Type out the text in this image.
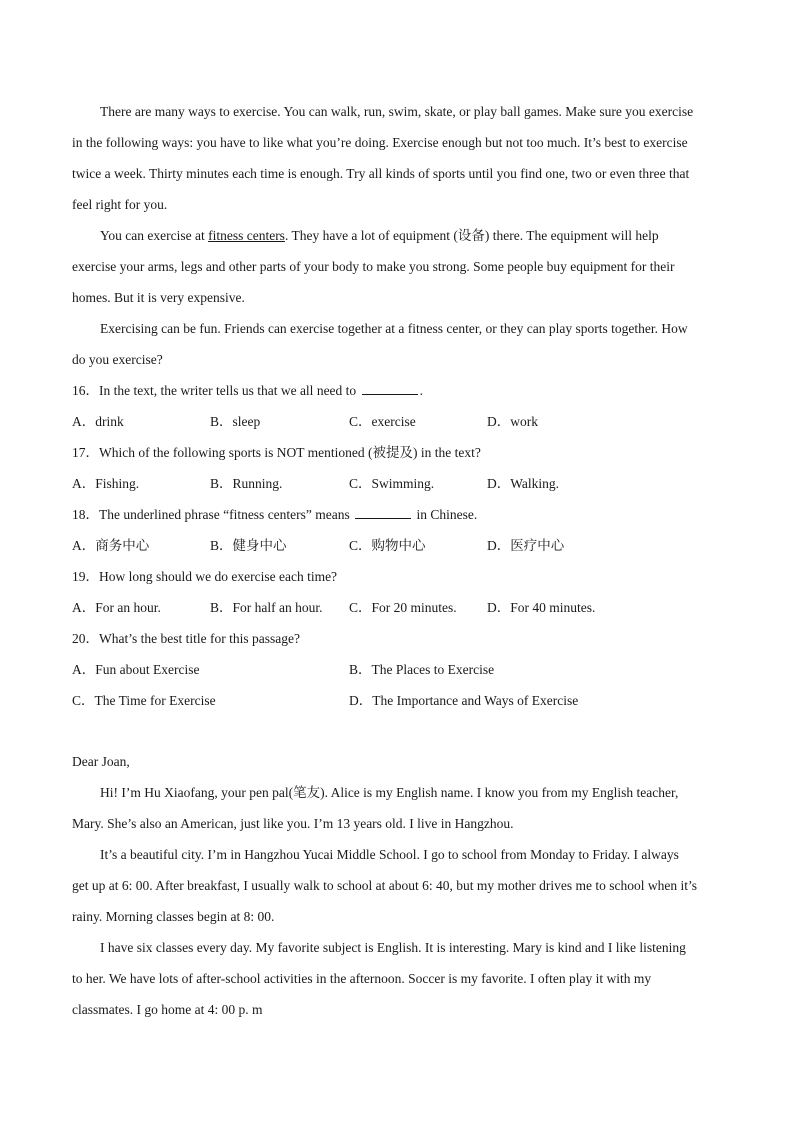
There are many ways to exercise. You can walk, run, swim, skate, or play ball games. Make sure you exercise
in the following ways: you have to like what you’re doing. Exercise enough but not too much. It’s best to exercise
twice a week. Thirty minutes each time is enough. Try all kinds of sports until you find one, two or even three that
feel right for you.
You can exercise at fitness centers. They have a lot of equipment (设备) there. The equipment will help
exercise your arms, legs and other parts of your body to make you strong. Some people buy equipment for their
homes. But it is very expensive.
Exercising can be fun. Friends can exercise together at a fitness center, or they can play sports together. How
do you exercise?
16．In the text, the writer tells us that we all need to	.
A．drink	B．sleep	C．exercise	D．work
17．Which of the following sports is NOT mentioned (被提及) in the text?
A．Fishing.	B．Running.	C．Swimming.	D．Walking.
18．The underlined phrase “fitness centers” means	in Chinese.
A．商务中心	B．健身中心	C．购物中心	D．医疗中心
19．How long should we do exercise each time?
A．For an hour.	B．For half an hour. C．For 20 minutes. D．For 40 minutes.
20．What’s the best title for this passage?
A．Fun about Exercise	B．The Places to Exercise
C．The Time for Exercise	D．The Importance and Ways of Exercise
Dear Joan,
Hi! I’m Hu Xiaofang, your pen pal(笔友). Alice is my English name. I know you from my English teacher,
Mary. She’s also an American, just like you. I’m 13 years old. I live in Hangzhou.
It’s a beautiful city. I’m in Hangzhou Yucai Middle School. I go to school from Monday to Friday. I always
get up at 6: 00. After breakfast, I usually walk to school at about 6: 40, but my mother drives me to school when it’s
rainy. Morning classes begin at 8: 00.
I have six classes every day. My favorite subject is English. It is interesting. Mary is kind and I like listening
to her. We have lots of after-school activities in the afternoon. Soccer is my favorite. I often play it with my
classmates. I go home at 4: 00 p. m
